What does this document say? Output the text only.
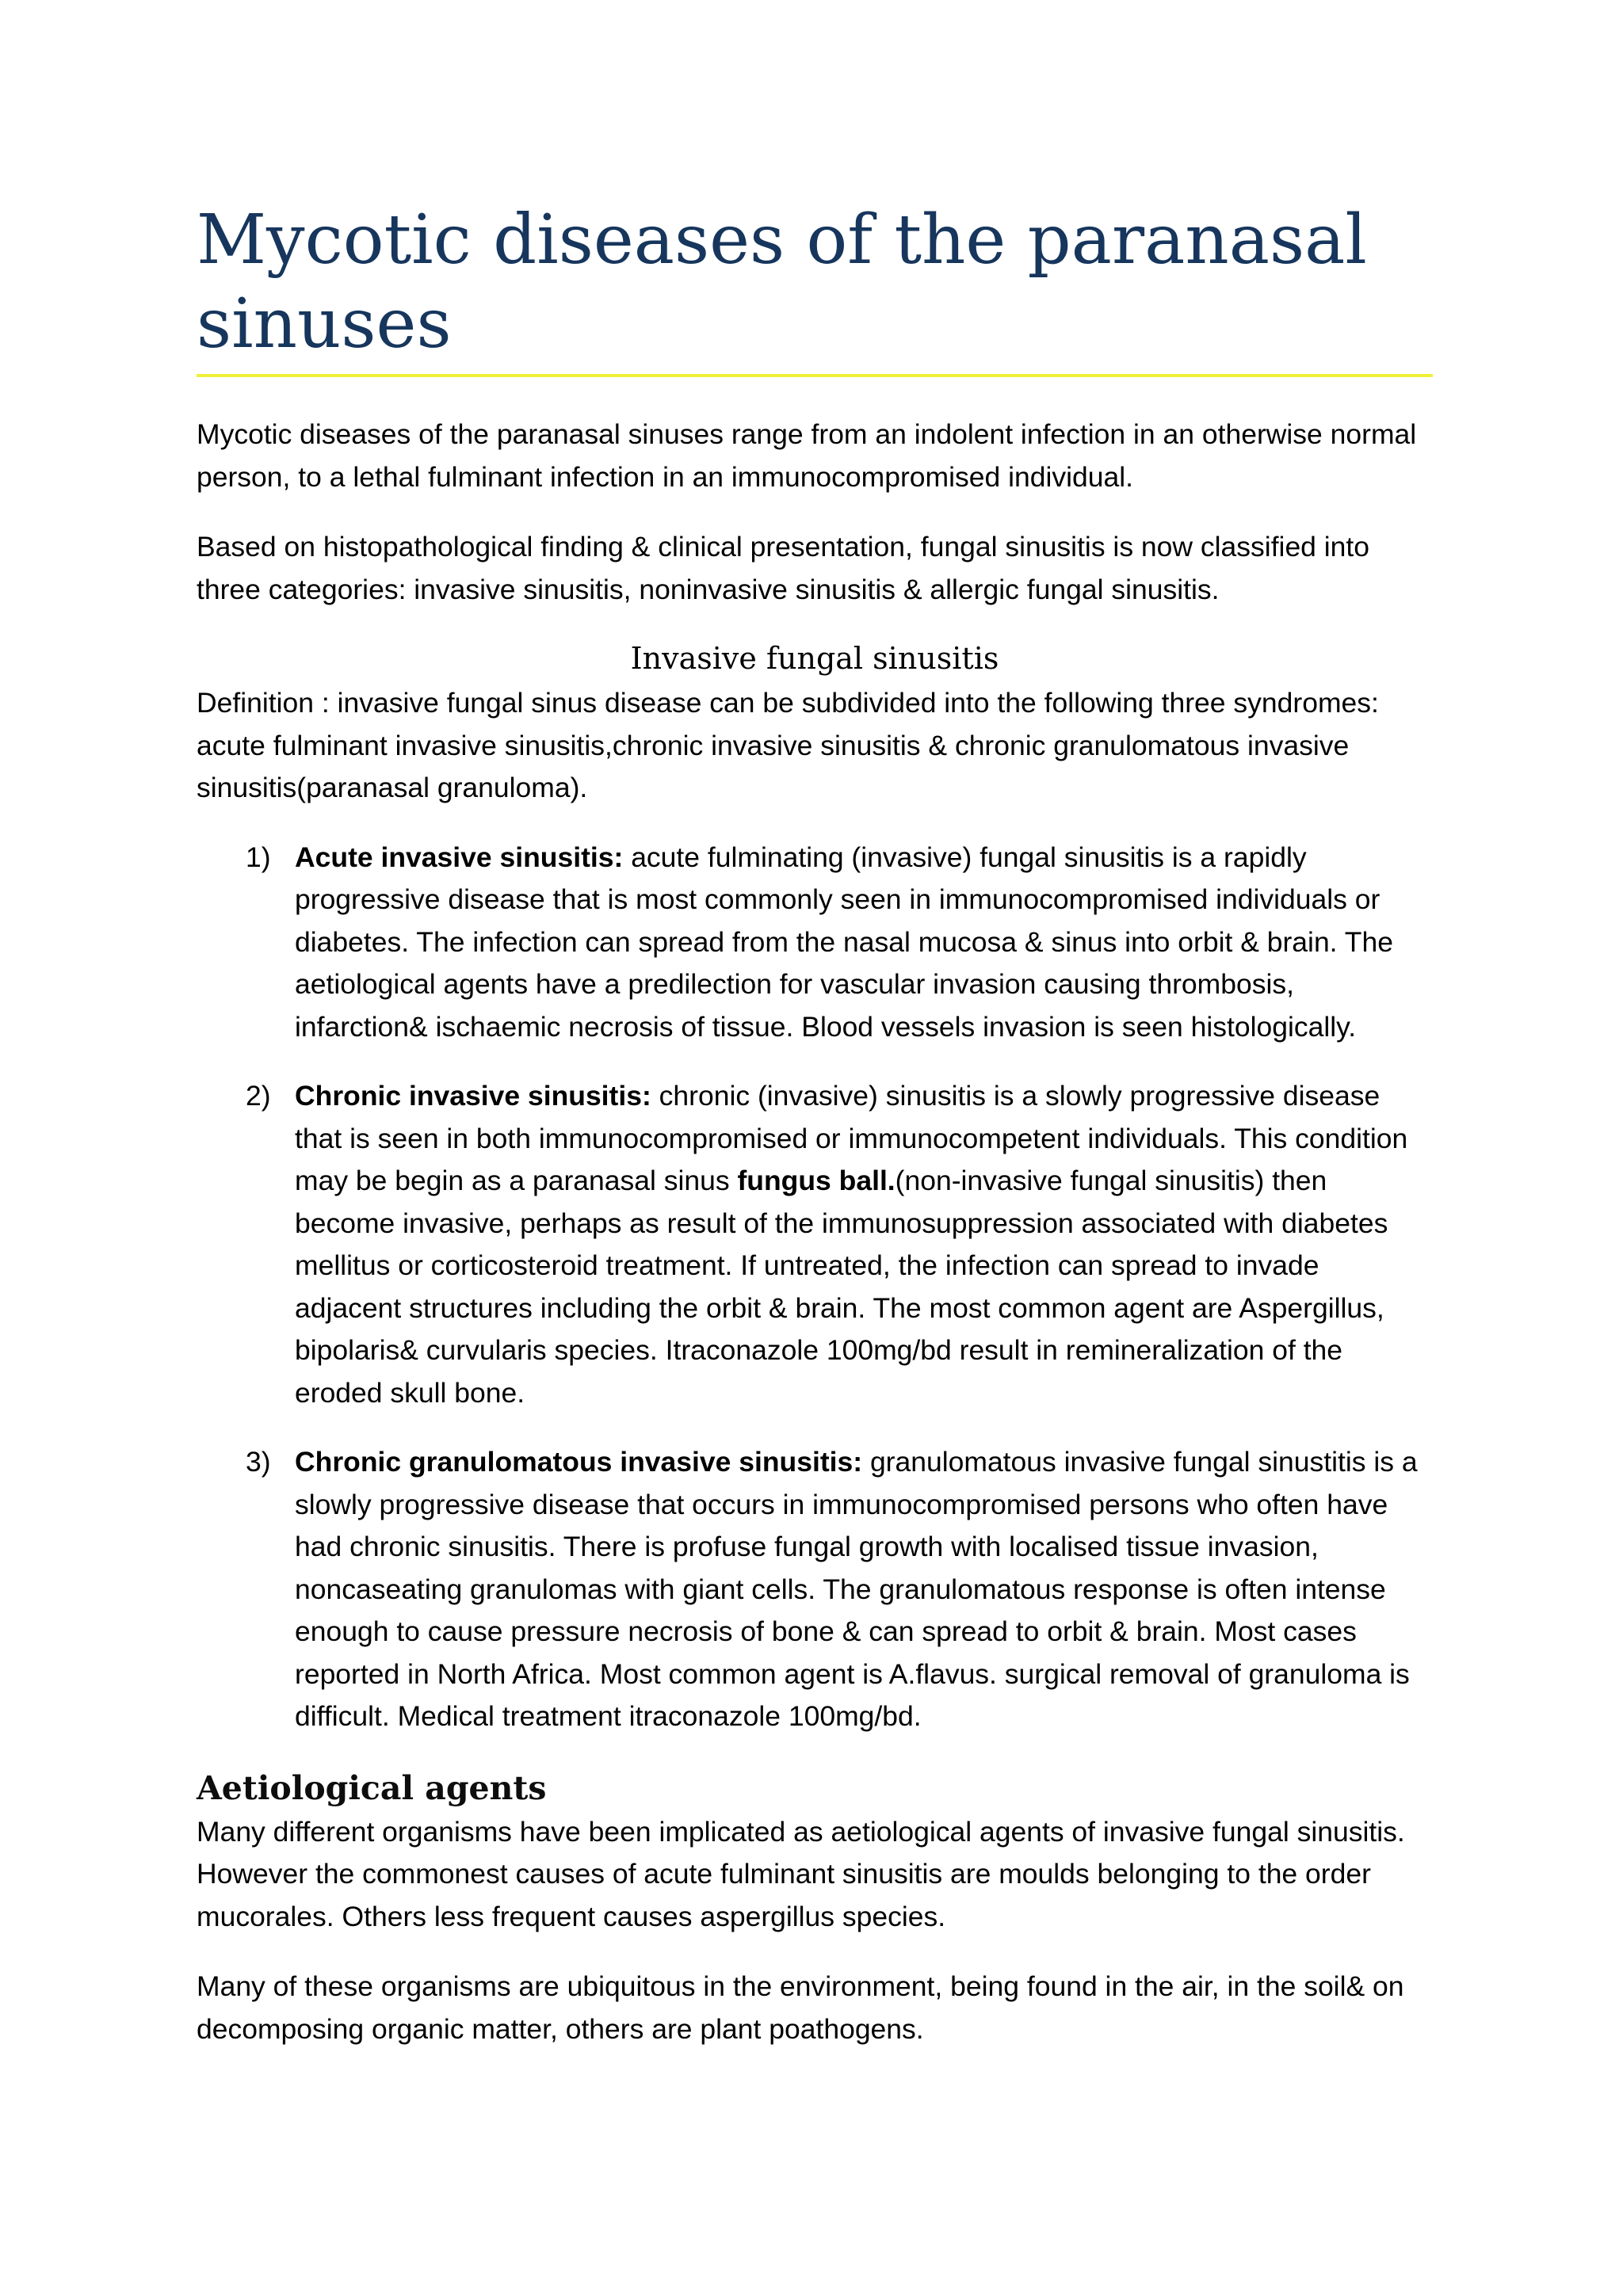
Mycotic diseases of the paranasal sinuses

Mycotic diseases of the paranasal sinuses range from an indolent infection in an otherwise normal person, to a lethal fulminant infection in an immunocompromised individual.

Based on histopathological finding & clinical presentation, fungal sinusitis is now classified into three categories: invasive sinusitis, noninvasive sinusitis & allergic fungal sinusitis.

Invasive fungal sinusitis

Definition : invasive fungal sinus disease can be subdivided into the following three syndromes: acute fulminant invasive sinusitis,chronic invasive sinusitis & chronic granulomatous invasive sinusitis(paranasal granuloma).

1) Acute invasive sinusitis: acute fulminating (invasive) fungal sinusitis is a rapidly progressive disease that is most commonly seen in immunocompromised individuals or diabetes. The infection can spread from the nasal mucosa & sinus into orbit & brain. The aetiological agents have a predilection for vascular invasion causing thrombosis, infarction& ischaemic necrosis of tissue. Blood vessels invasion is seen histologically.
2) Chronic invasive sinusitis: chronic (invasive) sinusitis is a slowly progressive disease that is seen in both immunocompromised or immunocompetent individuals. This condition may be begin as a paranasal sinus fungus ball.(non-invasive fungal sinusitis) then become invasive, perhaps as result of the immunosuppression associated with diabetes mellitus or corticosteroid treatment. If untreated, the infection can spread to invade adjacent structures including the orbit & brain. The most common agent are Aspergillus, bipolaris& curvularis species. Itraconazole 100mg/bd result in remineralization of the eroded skull bone.
3) Chronic granulomatous invasive sinusitis: granulomatous invasive fungal sinustitis is a slowly progressive disease that occurs in immunocompromised persons who often have had chronic sinusitis. There is profuse fungal growth with localised tissue invasion, noncaseating granulomas with giant cells. The granulomatous response is often intense enough to cause pressure necrosis of bone & can spread to orbit & brain. Most cases reported in North Africa. Most common agent is A.flavus. surgical removal of granuloma is difficult. Medical treatment itraconazole 100mg/bd.
Aetiological agents

Many different organisms have been implicated as aetiological agents of invasive fungal sinusitis. However the commonest causes of acute fulminant sinusitis are moulds belonging to the order mucorales. Others less frequent causes aspergillus species.

Many of these organisms are ubiquitous in the environment, being found in the air, in the soil& on decomposing organic matter, others are plant poathogens.
